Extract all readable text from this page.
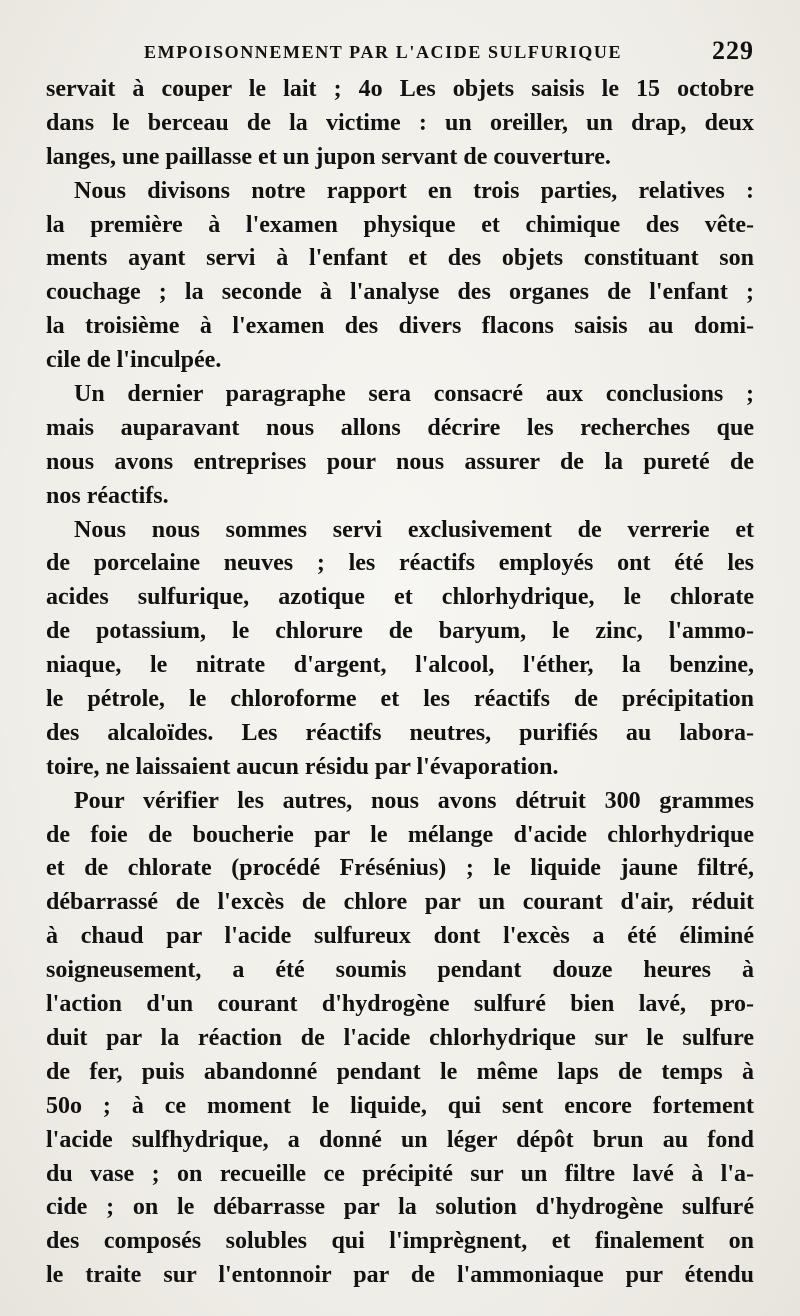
EMPOISONNEMENT PAR L'ACIDE SULFURIQUE	229
servait à couper le lait ; 4o Les objets saisis le 15 octobre
dans le berceau de la victime : un oreiller, un drap, deux
langes, une paillasse et un jupon servant de couverture.
Nous divisons notre rapport en trois parties, relatives :
la première à l'examen physique et chimique des vête-
ments ayant servi à l'enfant et des objets constituant son
couchage ; la seconde à l'analyse des organes de l'enfant ;
la troisième à l'examen des divers flacons saisis au domi-
cile de l'inculpée.
Un dernier paragraphe sera consacré aux conclusions ;
mais auparavant nous allons décrire les recherches que
nous avons entreprises pour nous assurer de la pureté de
nos réactifs.
Nous nous sommes servi exclusivement de verrerie et
de porcelaine neuves ; les réactifs employés ont été les
acides sulfurique, azotique et chlorhydrique, le chlorate
de potassium, le chlorure de baryum, le zinc, l'ammo-
niaque, le nitrate d'argent, l'alcool, l'éther, la benzine,
le pétrole, le chloroforme et les réactifs de précipitation
des alcaloïdes. Les réactifs neutres, purifiés au labora-
toire, ne laissaient aucun résidu par l'évaporation.
Pour vérifier les autres, nous avons détruit 300 grammes
de foie de boucherie par le mélange d'acide chlorhydrique
et de chlorate (procédé Frésénius) ; le liquide jaune filtré,
débarrassé de l'excès de chlore par un courant d'air, réduit
à chaud par l'acide sulfureux dont l'excès a été éliminé
soigneusement, a été soumis pendant douze heures à
l'action d'un courant d'hydrogène sulfuré bien lavé, pro-
duit par la réaction de l'acide chlorhydrique sur le sulfure
de fer, puis abandonné pendant le même laps de temps à
50o ; à ce moment le liquide, qui sent encore fortement
l'acide sulfhydrique, a donné un léger dépôt brun au fond
du vase ; on recueille ce précipité sur un filtre lavé à l'a-
cide ; on le débarrasse par la solution d'hydrogène sulfuré
des composés solubles qui l'imprègnent, et finalement on
le traite sur l'entonnoir par de l'ammoniaque pur étendu
